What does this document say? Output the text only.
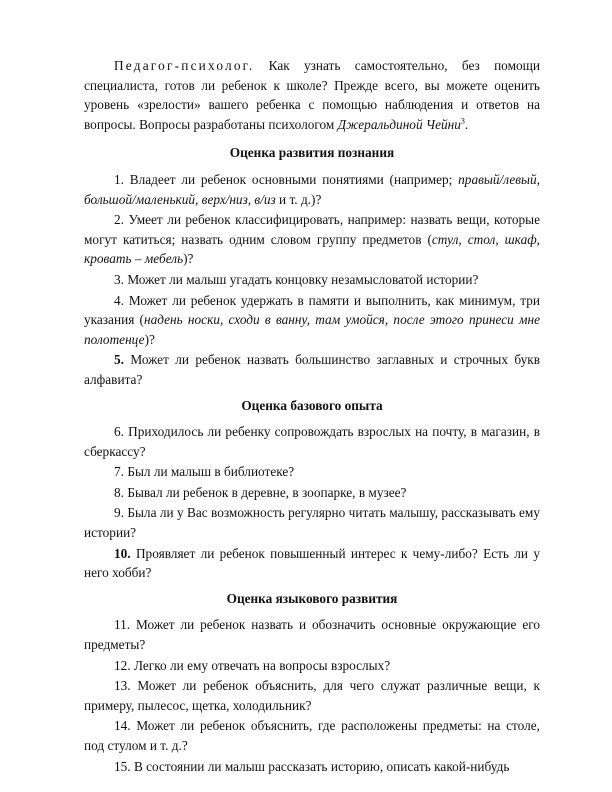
Педагог-психолог. Как узнать самостоятельно, без помощи специалиста, готов ли ребенок к школе? Прежде всего, вы можете оценить уровень «зрелости» вашего ребенка с помощью наблюдения и ответов на вопросы. Вопросы разработаны психологом Джеральдиной Чейни$^3$.

Оценка развития познания

1. Владеет ли ребенок основными понятиями (например; правый/левый, большой/маленький, верх/низ, в/из и т. д.)?

2. Умеет ли ребенок классифицировать, например: назвать вещи, которые могут катиться; назвать одним словом группу предметов (стул, стол, шкаф, кровать – мебель)?

3. Может ли малыш угадать концовку незамысловатой истории?

4. Может ли ребенок удержать в памяти и выполнить, как минимум, три указания (надень носки, сходи в ванну, там умойся, после этого принеси мне полотенце)?

5. Может ли ребенок назвать большинство заглавных и строчных букв алфавита?

Оценка базового опыта

6. Приходилось ли ребенку сопровождать взрослых на почту, в магазин, в сберкассу?

7. Был ли малыш в библиотеке?

8. Бывал ли ребенок в деревне, в зоопарке, в музее?

9. Была ли у Вас возможность регулярно читать малышу, рассказывать ему истории?

10. Проявляет ли ребенок повышенный интерес к чему-либо? Есть ли у него хобби?

Оценка языкового развития

11. Может ли ребенок назвать и обозначить основные окружающие его предметы?

12. Легко ли ему отвечать на вопросы взрослых?

13. Может ли ребенок объяснить, для чего служат различные вещи, к примеру, пылесос, щетка, холодильник?

14. Может ли ребенок объяснить, где расположены предметы: на столе, под стулом и т. д.?

15. В состоянии ли малыш рассказать историю, описать какой-нибудь
